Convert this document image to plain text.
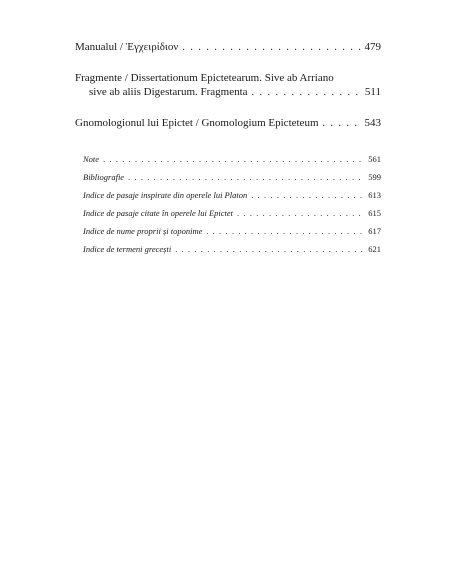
Manualul / Ἐγχειρίδιον . . .	479
Fragmente / Dissertationum Epictetearum. Sive ab Arriano
sive ab aliis Digestarum. Fragmenta . . .	511
Gnomologionul lui Epictet / Gnomologium Epicteteum . . .	543
Note . . .	561
Bibliografie . . .	599
Indice de pasaje inspirate din operele lui Platon . . .	613
Indice de pasaje citate în operele lui Epictet . . .	615
Indice de nume proprii și toponime . . .	617
Indice de termeni grecești . . .	621
